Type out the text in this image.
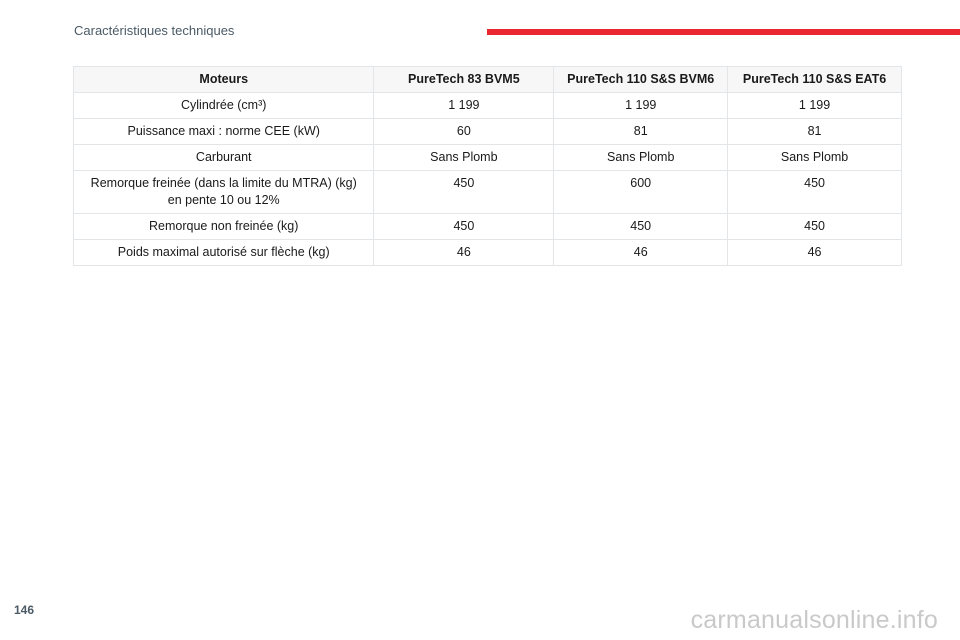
Caractéristiques techniques
Moteurs	PureTech 83 BVM5	PureTech 110 S&S BVM6	PureTech 110 S&S EAT6
Cylindrée (cm³)	1 199	1 199	1 199
Puissance maxi : norme CEE (kW)	60	81	81
Carburant	Sans Plomb	Sans Plomb	Sans Plomb
Remorque freinée (dans la limite du MTRA) (kg)
en pente 10 ou 12%	450	600	450
Remorque non freinée (kg)	450	450	450
Poids maximal autorisé sur flèche (kg)	46	46	46
146	carmanualsonline.info
